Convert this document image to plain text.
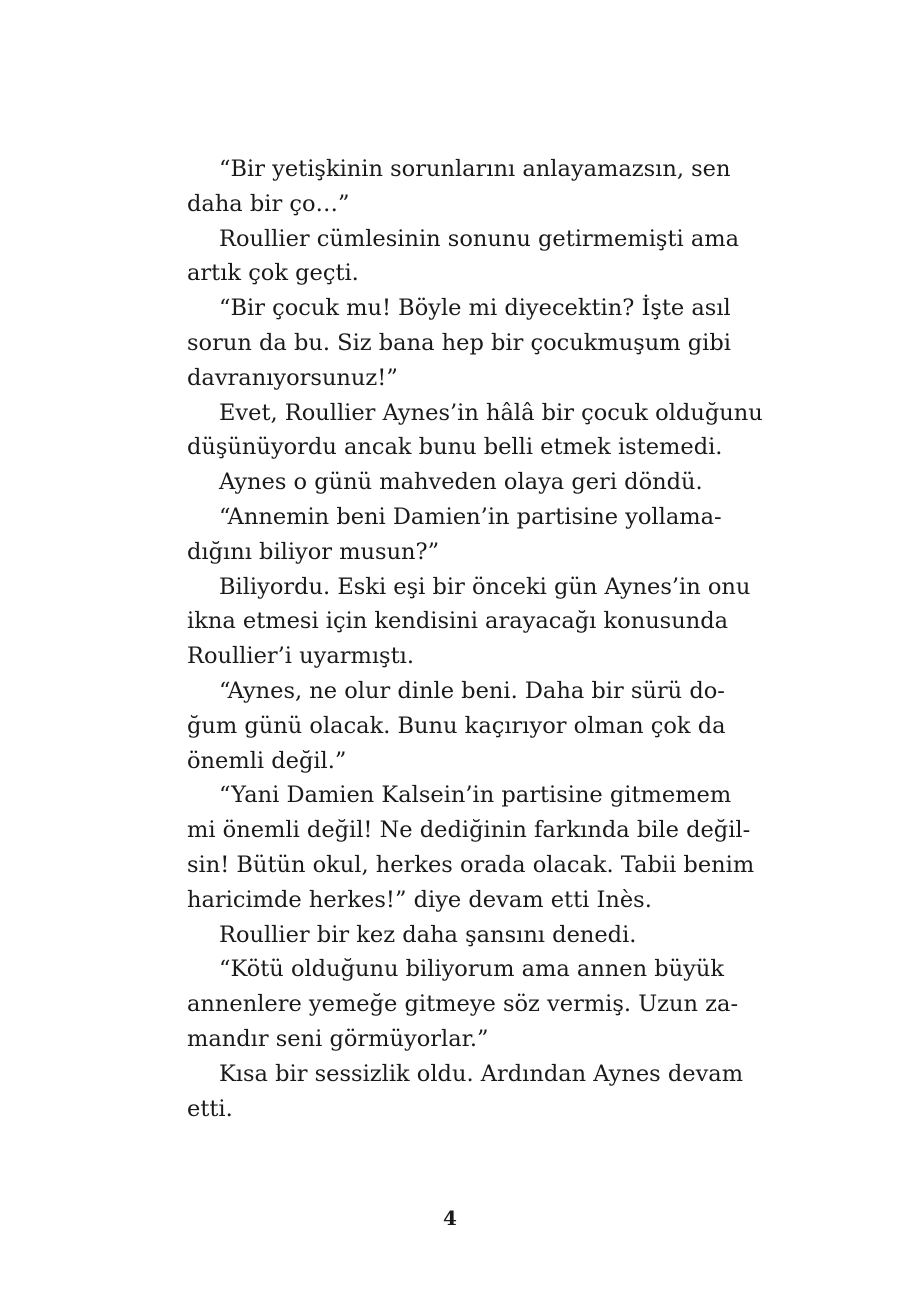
“Bir yetişkinin sorunlarını anlayamazsın, sen
daha bir ço…”
Roullier cümlesinin sonunu getirmemişti ama
artık çok geçti.
“Bir çocuk mu! Böyle mi diyecektin? İşte asıl
sorun da bu. Siz bana hep bir çocukmuşum gibi
davranıyorsunuz!”
Evet, Roullier Aynes’in hâlâ bir çocuk olduğunu
düşünüyordu ancak bunu belli etmek istemedi.
Aynes o günü mahveden olaya geri döndü.
“Annemin beni Damien’in partisine yollama-
dığını biliyor musun?”
Biliyordu. Eski eşi bir önceki gün Aynes’in onu
ikna etmesi için kendisini arayacağı konusunda
Roullier’i uyarmıştı.
“Aynes, ne olur dinle beni. Daha bir sürü do-
ğum günü olacak. Bunu kaçırıyor olman çok da
önemli değil.”
“Yani Damien Kalsein’in partisine gitmemem
mi önemli değil! Ne dediğinin farkında bile değil-
sin! Bütün okul, herkes orada olacak. Tabii benim
haricimde herkes!” diye devam etti Inès.
Roullier bir kez daha şansını denedi.
“Kötü olduğunu biliyorum ama annen büyük
annenlere yemeğe gitmeye söz vermiş. Uzun za-
mandır seni görmüyorlar.”
Kısa bir sessizlik oldu. Ardından Aynes devam
etti.
4
